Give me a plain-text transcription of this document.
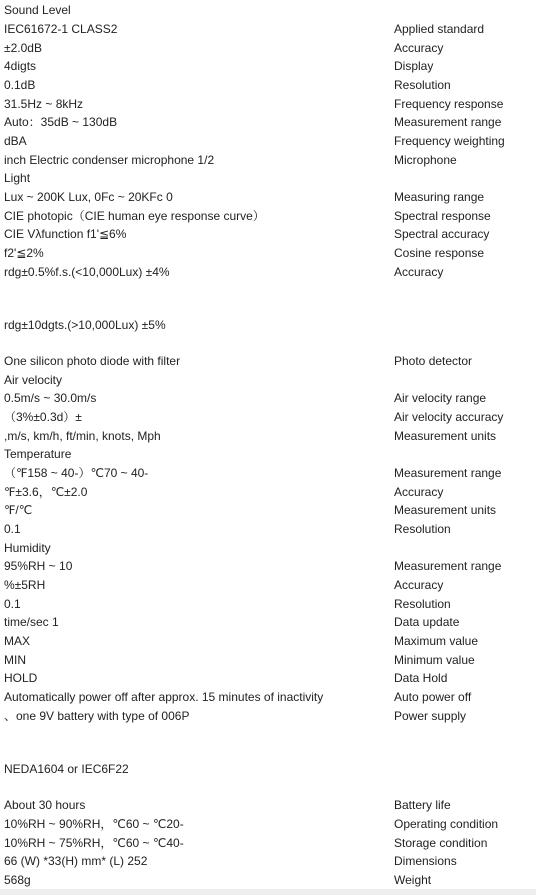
Sound Level
IEC61672-1 CLASS2	Applied standard
±2.0dB	Accuracy
4digts	Display
0.1dB	Resolution
31.5Hz ~ 8kHz	Frequency response
Auto：35dB ~ 130dB	Measurement range
dBA	Frequency weighting
inch Electric condenser microphone 1/2	Microphone
Light
Lux ~ 200K Lux, 0Fc ~ 20KFc 0	Measuring range
CIE photopic（CIE human eye response curve）	Spectral response
CIE Vλfunction f1'≦6%	Spectral accuracy
f2'≦2%	Cosine response
rdg±0.5%f.s.(<10,000Lux) ±4%	Accuracy
rdg±10dgts.(>10,000Lux) ±5%
One silicon photo diode with filter	Photo detector
Air velocity
0.5m/s ~ 30.0m/s	Air velocity range
（3%±0.3d）±	Air velocity accuracy
,m/s, km/h, ft/min, knots, Mph	Measurement units
Temperature
（℉158 ~ 40-）℃70 ~ 40-	Measurement range
℉±3.6，℃±2.0	Accuracy
℉/℃	Measurement units
0.1	Resolution
Humidity
95%RH ~ 10	Measurement range
%±5RH	Accuracy
0.1	Resolution
time/sec 1	Data update
MAX	Maximum value
MIN	Minimum value
HOLD	Data Hold
Automatically power off after approx. 15 minutes of inactivity	Auto power off
、one 9V battery with type of 006P	Power supply
NEDA1604 or IEC6F22
About 30 hours	Battery life
10%RH ~ 90%RH，℃60 ~ ℃20-	Operating condition
10%RH ~ 75%RH，℃60 ~ ℃40-	Storage condition
66 (W) *33(H) mm* (L) 252	Dimensions
568g	Weight
